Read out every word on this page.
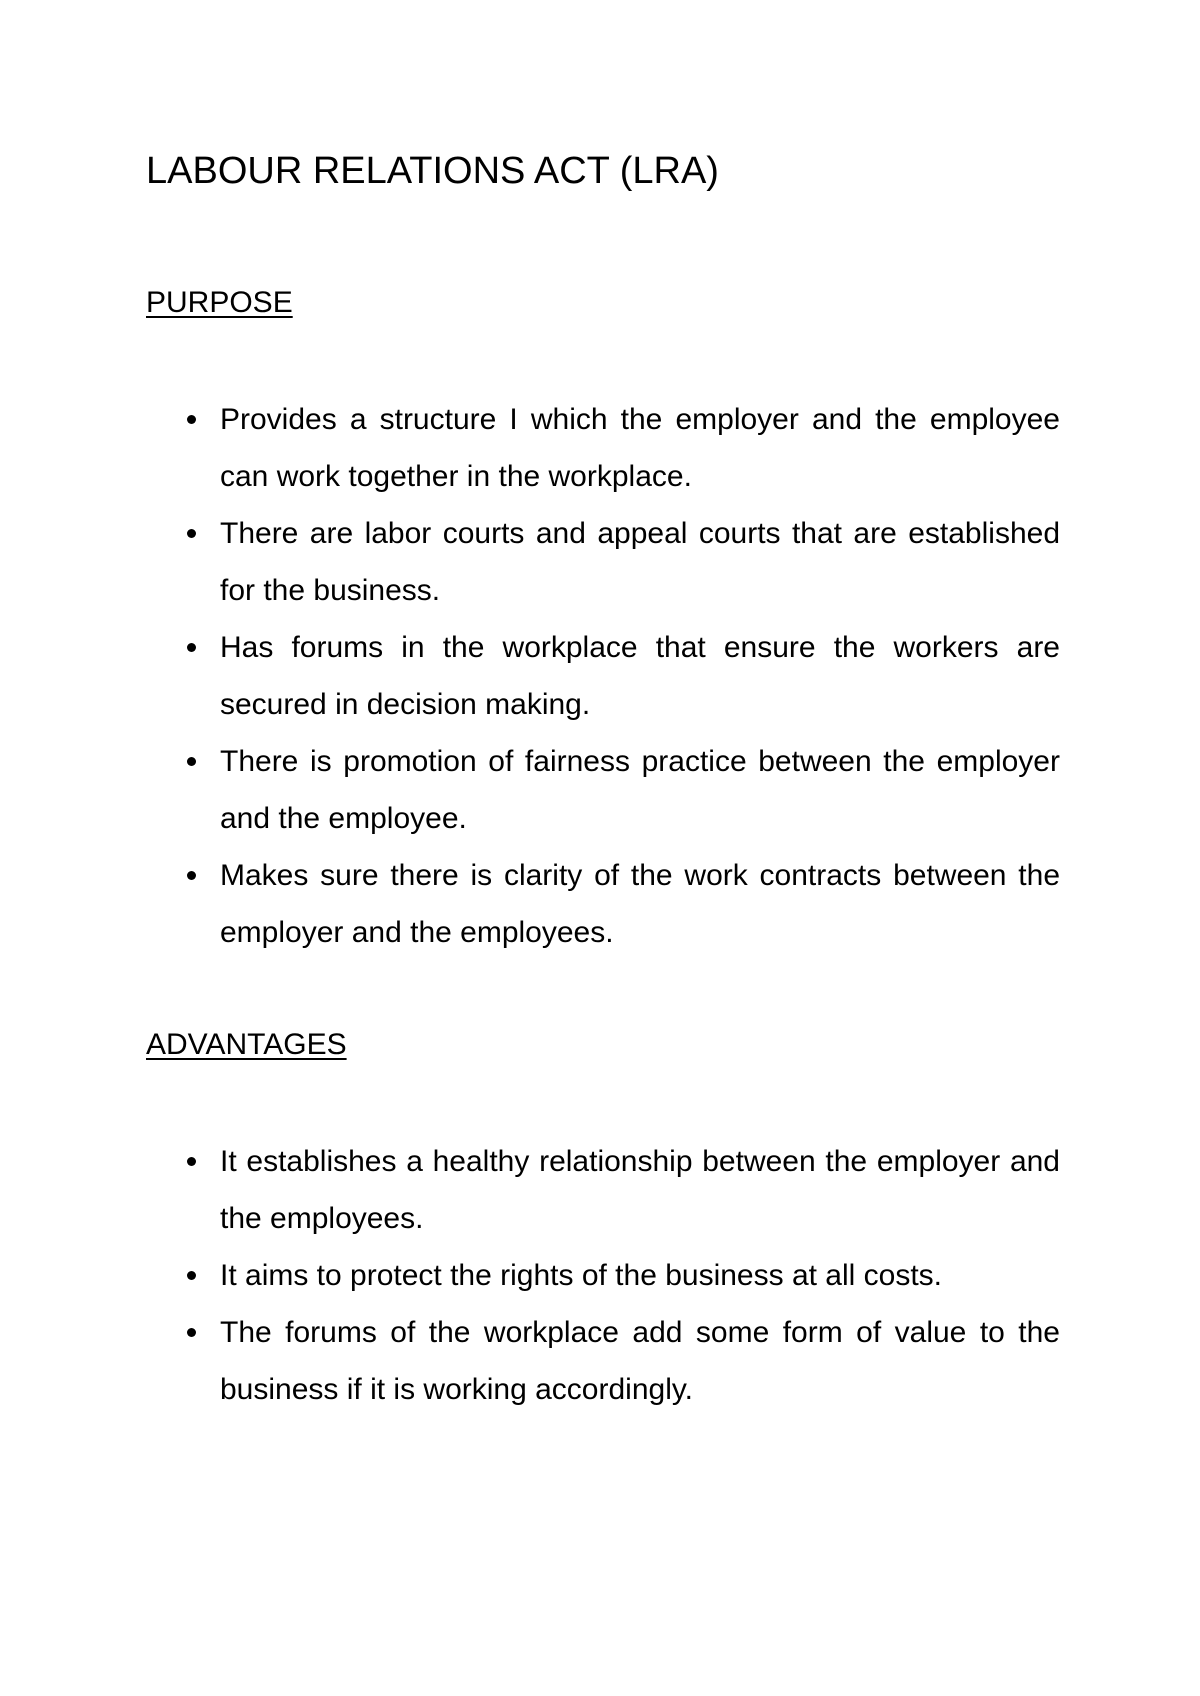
LABOUR RELATIONS ACT (LRA)
PURPOSE
Provides a structure I which the employer and the employee can work together in the workplace.
There are labor courts and appeal courts that are established for the business.
Has forums in the workplace that ensure the workers are secured in decision making.
There is promotion of fairness practice between the employer and the employee.
Makes sure there is clarity of the work contracts between the employer and the employees.
ADVANTAGES
It establishes a healthy relationship between the employer and the employees.
It aims to protect the rights of the business at all costs.
The forums of the workplace add some form of value to the business if it is working accordingly.
